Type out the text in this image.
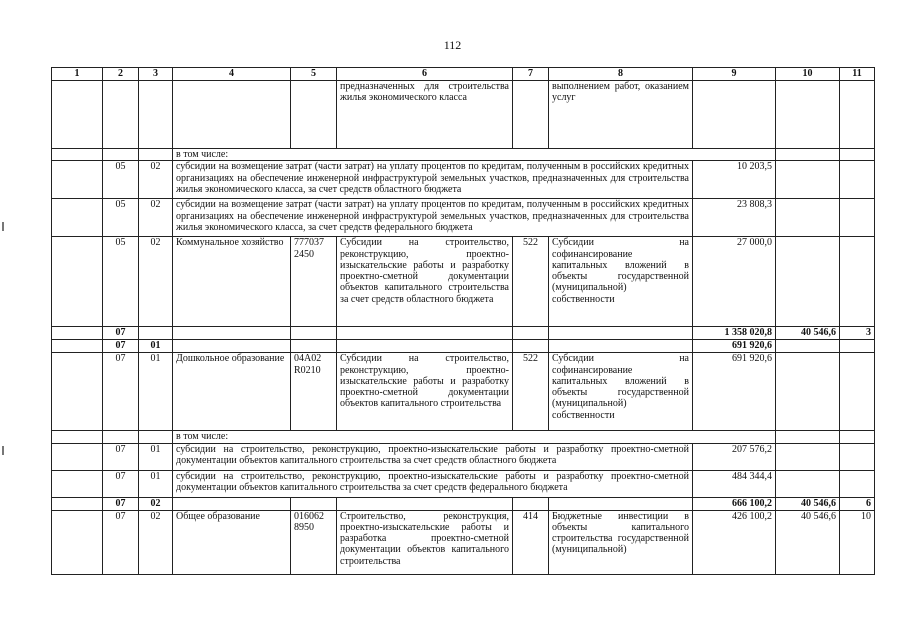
112
1	2	3	4	5	6	7	8	9	10	11
					предназначенных для строительства жилья экономического класса		выполнением работ, оказанием услуг			
			в том числе:							
	05	02	субсидии на возмещение затрат (части затрат) на уплату процентов по кредитам, полученным в российских кредитных организациях на обеспечение инженерной инфраструктурой земельных участков, предназначенных для строительства жилья экономического класса, за счет средств областного бюджета					10 203,5		
	05	02	субсидии на возмещение затрат (части затрат) на уплату процентов по кредитам, полученным в российских кредитных организациях на обеспечение инженерной инфраструктурой земельных участков, предназначенных для строительства жилья экономического класса, за счет средств федерального бюджета					23 808,3		
	05	02	Коммунальное хозяйство	777037 2450	Субсидии на строительство, реконструкцию, проектно-изыскательские работы и разработку проектно-сметной документации объектов капитального строительства за счет средств областного бюджета	522	Субсидии на софинансирование капитальных вложений в объекты государственной (муниципальной) собственности	27 000,0		
	07							1 358 020,8	40 546,6	3
	07	01						691 920,6		
	07	01	Дошкольное образование	04A02 R0210	Субсидии на строительство, реконструкцию, проектно-изыскательские работы и разработку проектно-сметной документации объектов капитального строительства	522	Субсидии на софинансирование капитальных вложений в объекты государственной (муниципальной) собственности	691 920,6		
			в том числе:							
	07	01	субсидии на строительство, реконструкцию, проектно-изыскательские работы и разработку проектно-сметной документации объектов капитального строительства за счет средств областного бюджета					207 576,2		
	07	01	субсидии на строительство, реконструкцию, проектно-изыскательские работы и разработку проектно-сметной документации объектов капитального строительства за счет средств федерального бюджета					484 344,4		
	07	02						666 100,2	40 546,6	6
	07	02	Общее образование	016062 8950	Строительство, реконструкция, проектно-изыскательские работы и разработка проектно-сметной документации объектов капитального строительства	414	Бюджетные инвестиции в объекты капитального строительства государственной (муниципальной)	426 100,2	40 546,6	10
